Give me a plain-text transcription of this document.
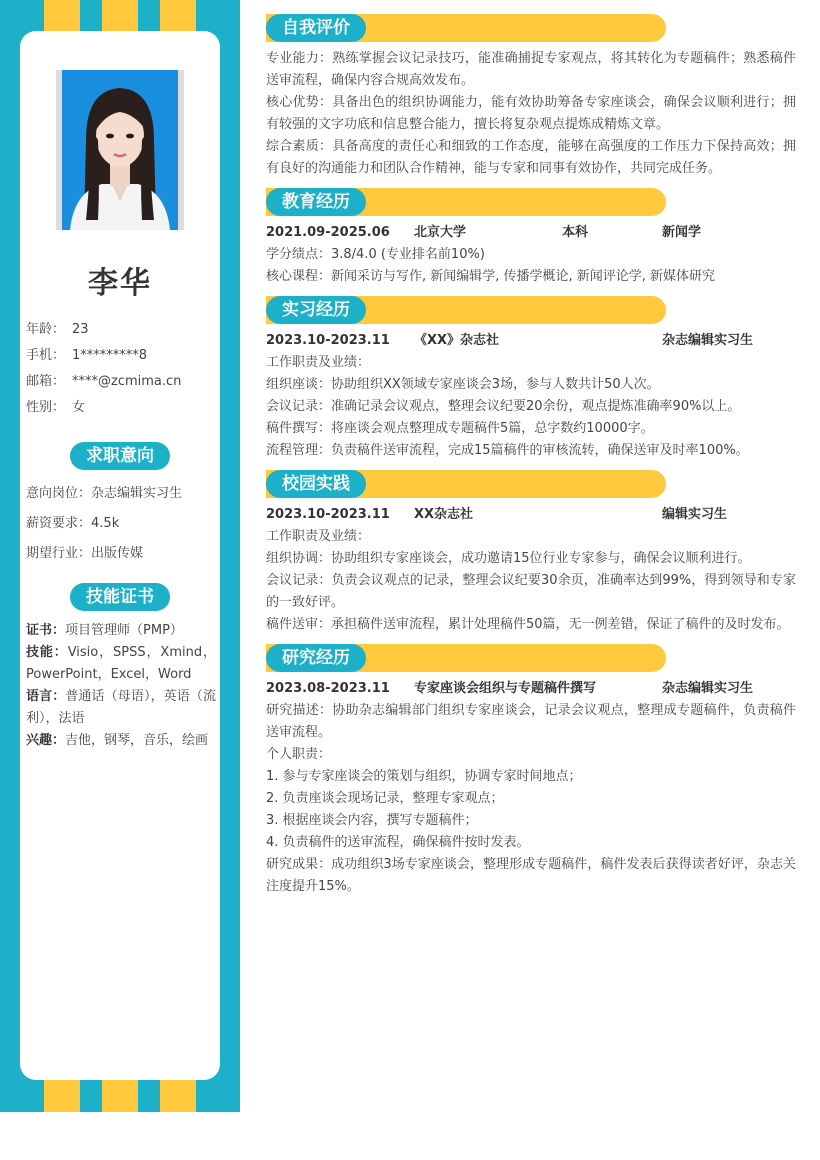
李华
年龄： 23
手机： 1*********8
邮箱： ****@zcmima.cn
性别： 女
求职意向
意向岗位：杂志编辑实习生
薪资要求：4.5k
期望行业：出版传媒
技能证书

证书：项目管理师（PMP）

技能：Visio，SPSS，Xmind，PowerPoint，Excel，Word

语言：普通话（母语），英语（流利），法语

兴趣：吉他，钢琴，音乐，绘画

自我评价

专业能力：熟练掌握会议记录技巧，能准确捕捉专家观点，将其转化为专题稿件；熟悉稿件送审流程，确保内容合规高效发布。

核心优势：具备出色的组织协调能力，能有效协助筹备专家座谈会，确保会议顺利进行；拥有较强的文字功底和信息整合能力，擅长将复杂观点提炼成精炼文章。

综合素质：具备高度的责任心和细致的工作态度，能够在高强度的工作压力下保持高效；拥有良好的沟通能力和团队合作精神，能与专家和同事有效协作，共同完成任务。

教育经历
2021.09-2025.06 北京大学	本科	新闻学

学分绩点：3.8/4.0 (专业排名前10%)

核心课程：新闻采访与写作, 新闻编辑学, 传播学概论, 新闻评论学, 新媒体研究

实习经历
2023.10-2023.11 《XX》杂志社	杂志编辑实习生

工作职责及业绩：

组织座谈：协助组织XX领域专家座谈会3场，参与人数共计50人次。

会议记录：准确记录会议观点，整理会议纪要20余份，观点提炼准确率90%以上。

稿件撰写：将座谈会观点整理成专题稿件5篇，总字数约10000字。

流程管理：负责稿件送审流程，完成15篇稿件的审核流转，确保送审及时率100%。

校园实践
2023.10-2023.11 XX杂志社	编辑实习生

工作职责及业绩：

组织协调：协助组织专家座谈会，成功邀请15位行业专家参与，确保会议顺利进行。

会议记录：负责会议观点的记录，整理会议纪要30余页，准确率达到99%，得到领导和专家的一致好评。

稿件送审：承担稿件送审流程，累计处理稿件50篇，无一例差错，保证了稿件的及时发布。

研究经历
2023.08-2023.11 专家座谈会组织与专题稿件撰写	杂志编辑实习生

研究描述：协助杂志编辑部门组织专家座谈会，记录会议观点，整理成专题稿件，负责稿件送审流程。

个人职责：

1. 参与专家座谈会的策划与组织，协调专家时间地点；

2. 负责座谈会现场记录，整理专家观点；

3. 根据座谈会内容，撰写专题稿件；

4. 负责稿件的送审流程，确保稿件按时发表。

研究成果：成功组织3场专家座谈会，整理形成专题稿件，稿件发表后获得读者好评，杂志关注度提升15%。
